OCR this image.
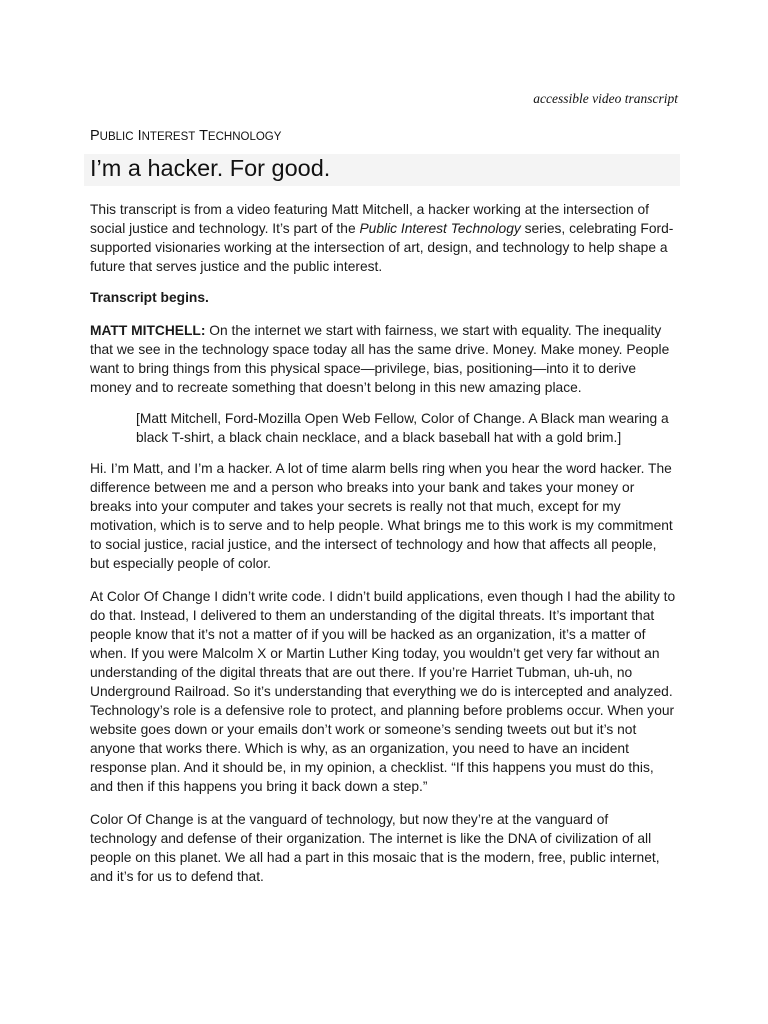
accessible video transcript
PUBLIC INTEREST TECHNOLOGY
I’m a hacker. For good.

This transcript is from a video featuring Matt Mitchell, a hacker working at the intersection of
social justice and technology. It’s part of the Public Interest Technology series, celebrating Ford-
supported visionaries working at the intersection of art, design, and technology to help shape a
future that serves justice and the public interest.

Transcript begins.

MATT MITCHELL: On the internet we start with fairness, we start with equality. The inequality
that we see in the technology space today all has the same drive. Money. Make money. People
want to bring things from this physical space—privilege, bias, positioning—into it to derive
money and to recreate something that doesn’t belong in this new amazing place.

[Matt Mitchell, Ford-Mozilla Open Web Fellow, Color of Change. A Black man wearing a
black T-shirt, a black chain necklace, and a black baseball hat with a gold brim.]

Hi. I’m Matt, and I’m a hacker. A lot of time alarm bells ring when you hear the word hacker. The
difference between me and a person who breaks into your bank and takes your money or
breaks into your computer and takes your secrets is really not that much, except for my
motivation, which is to serve and to help people. What brings me to this work is my commitment
to social justice, racial justice, and the intersect of technology and how that affects all people,
but especially people of color.

At Color Of Change I didn’t write code. I didn’t build applications, even though I had the ability to
do that. Instead, I delivered to them an understanding of the digital threats. It’s important that
people know that it’s not a matter of if you will be hacked as an organization, it’s a matter of
when. If you were Malcolm X or Martin Luther King today, you wouldn’t get very far without an
understanding of the digital threats that are out there. If you’re Harriet Tubman, uh-uh, no
Underground Railroad. So it’s understanding that everything we do is intercepted and analyzed.
Technology’s role is a defensive role to protect, and planning before problems occur. When your
website goes down or your emails don’t work or someone’s sending tweets out but it’s not
anyone that works there. Which is why, as an organization, you need to have an incident
response plan. And it should be, in my opinion, a checklist. “If this happens you must do this,
and then if this happens you bring it back down a step.”

Color Of Change is at the vanguard of technology, but now they’re at the vanguard of
technology and defense of their organization. The internet is like the DNA of civilization of all
people on this planet. We all had a part in this mosaic that is the modern, free, public internet,
and it’s for us to defend that.
